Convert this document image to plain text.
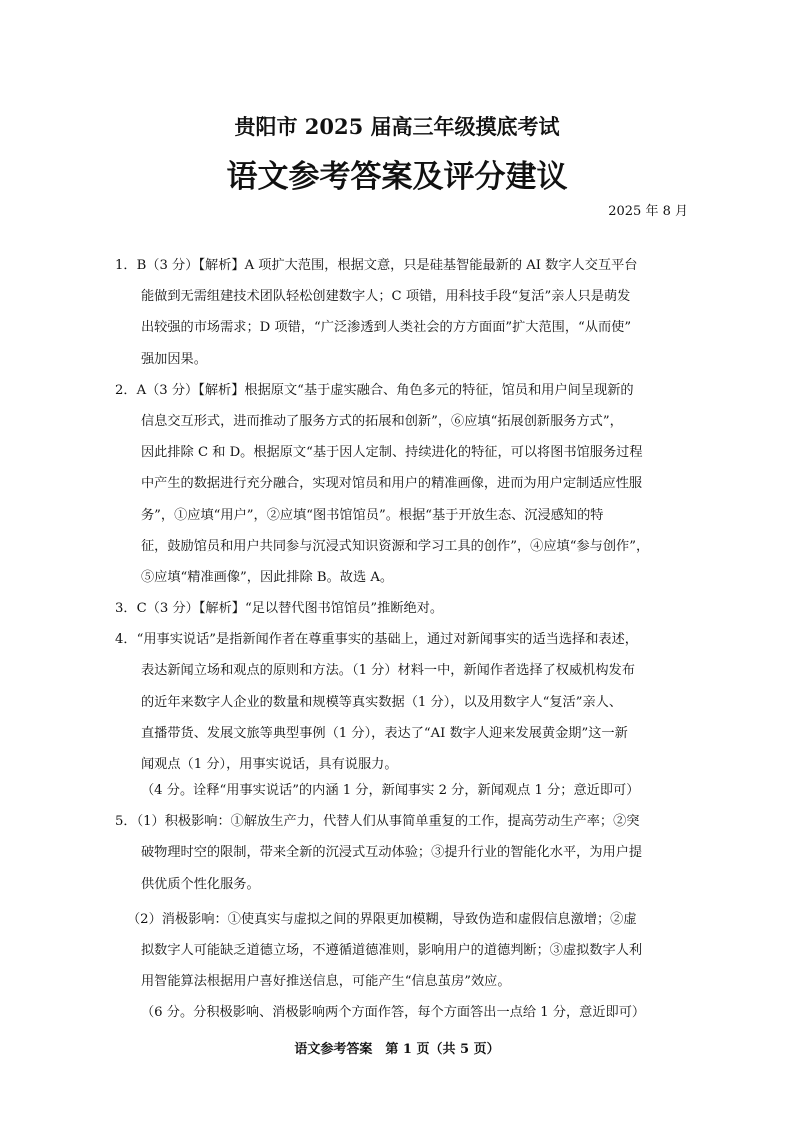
贵阳市 2025 届高三年级摸底考试
语文参考答案及评分建议
2025 年 8 月
1．B（3 分）【解析】A 项扩大范围，根据文意，只是硅基智能最新的 AI 数字人交互平台
能做到无需组建技术团队轻松创建数字人；C 项错，用科技手段“复活”亲人只是萌发
出较强的市场需求；D 项错，“广泛渗透到人类社会的方方面面”扩大范围，“从而使”
强加因果。
2．A（3 分）【解析】根据原文“基于虚实融合、角色多元的特征，馆员和用户间呈现新的
信息交互形式，进而推动了服务方式的拓展和创新”，⑥应填“拓展创新服务方式”，
因此排除 C 和 D。根据原文“基于因人定制、持续进化的特征，可以将图书馆服务过程
中产生的数据进行充分融合，实现对馆员和用户的精准画像，进而为用户定制适应性服
务”，①应填“用户”，②应填“图书馆馆员”。根据“基于开放生态、沉浸感知的特
征，鼓励馆员和用户共同参与沉浸式知识资源和学习工具的创作”，④应填“参与创作”，
⑤应填“精准画像”，因此排除 B。故选 A。
3．C（3 分）【解析】“足以替代图书馆馆员”推断绝对。
4．“用事实说话”是指新闻作者在尊重事实的基础上，通过对新闻事实的适当选择和表述，
表达新闻立场和观点的原则和方法。（1 分）材料一中，新闻作者选择了权威机构发布
的近年来数字人企业的数量和规模等真实数据（1 分），以及用数字人“复活”亲人、
直播带货、发展文旅等典型事例（1 分），表达了“AI 数字人迎来发展黄金期”这一新
闻观点（1 分），用事实说话，具有说服力。
（4 分。诠释“用事实说话”的内涵 1 分，新闻事实 2 分，新闻观点 1 分；意近即可）
5．（1）积极影响：①解放生产力，代替人们从事简单重复的工作，提高劳动生产率；②突
破物理时空的限制，带来全新的沉浸式互动体验；③提升行业的智能化水平，为用户提
供优质个性化服务。
（2）消极影响：①使真实与虚拟之间的界限更加模糊，导致伪造和虚假信息激增；②虚
拟数字人可能缺乏道德立场，不遵循道德准则，影响用户的道德判断；③虚拟数字人利
用智能算法根据用户喜好推送信息，可能产生“信息茧房”效应。
（6 分。分积极影响、消极影响两个方面作答，每个方面答出一点给 1 分，意近即可）
语文参考答案　第 1 页（共 5 页）
